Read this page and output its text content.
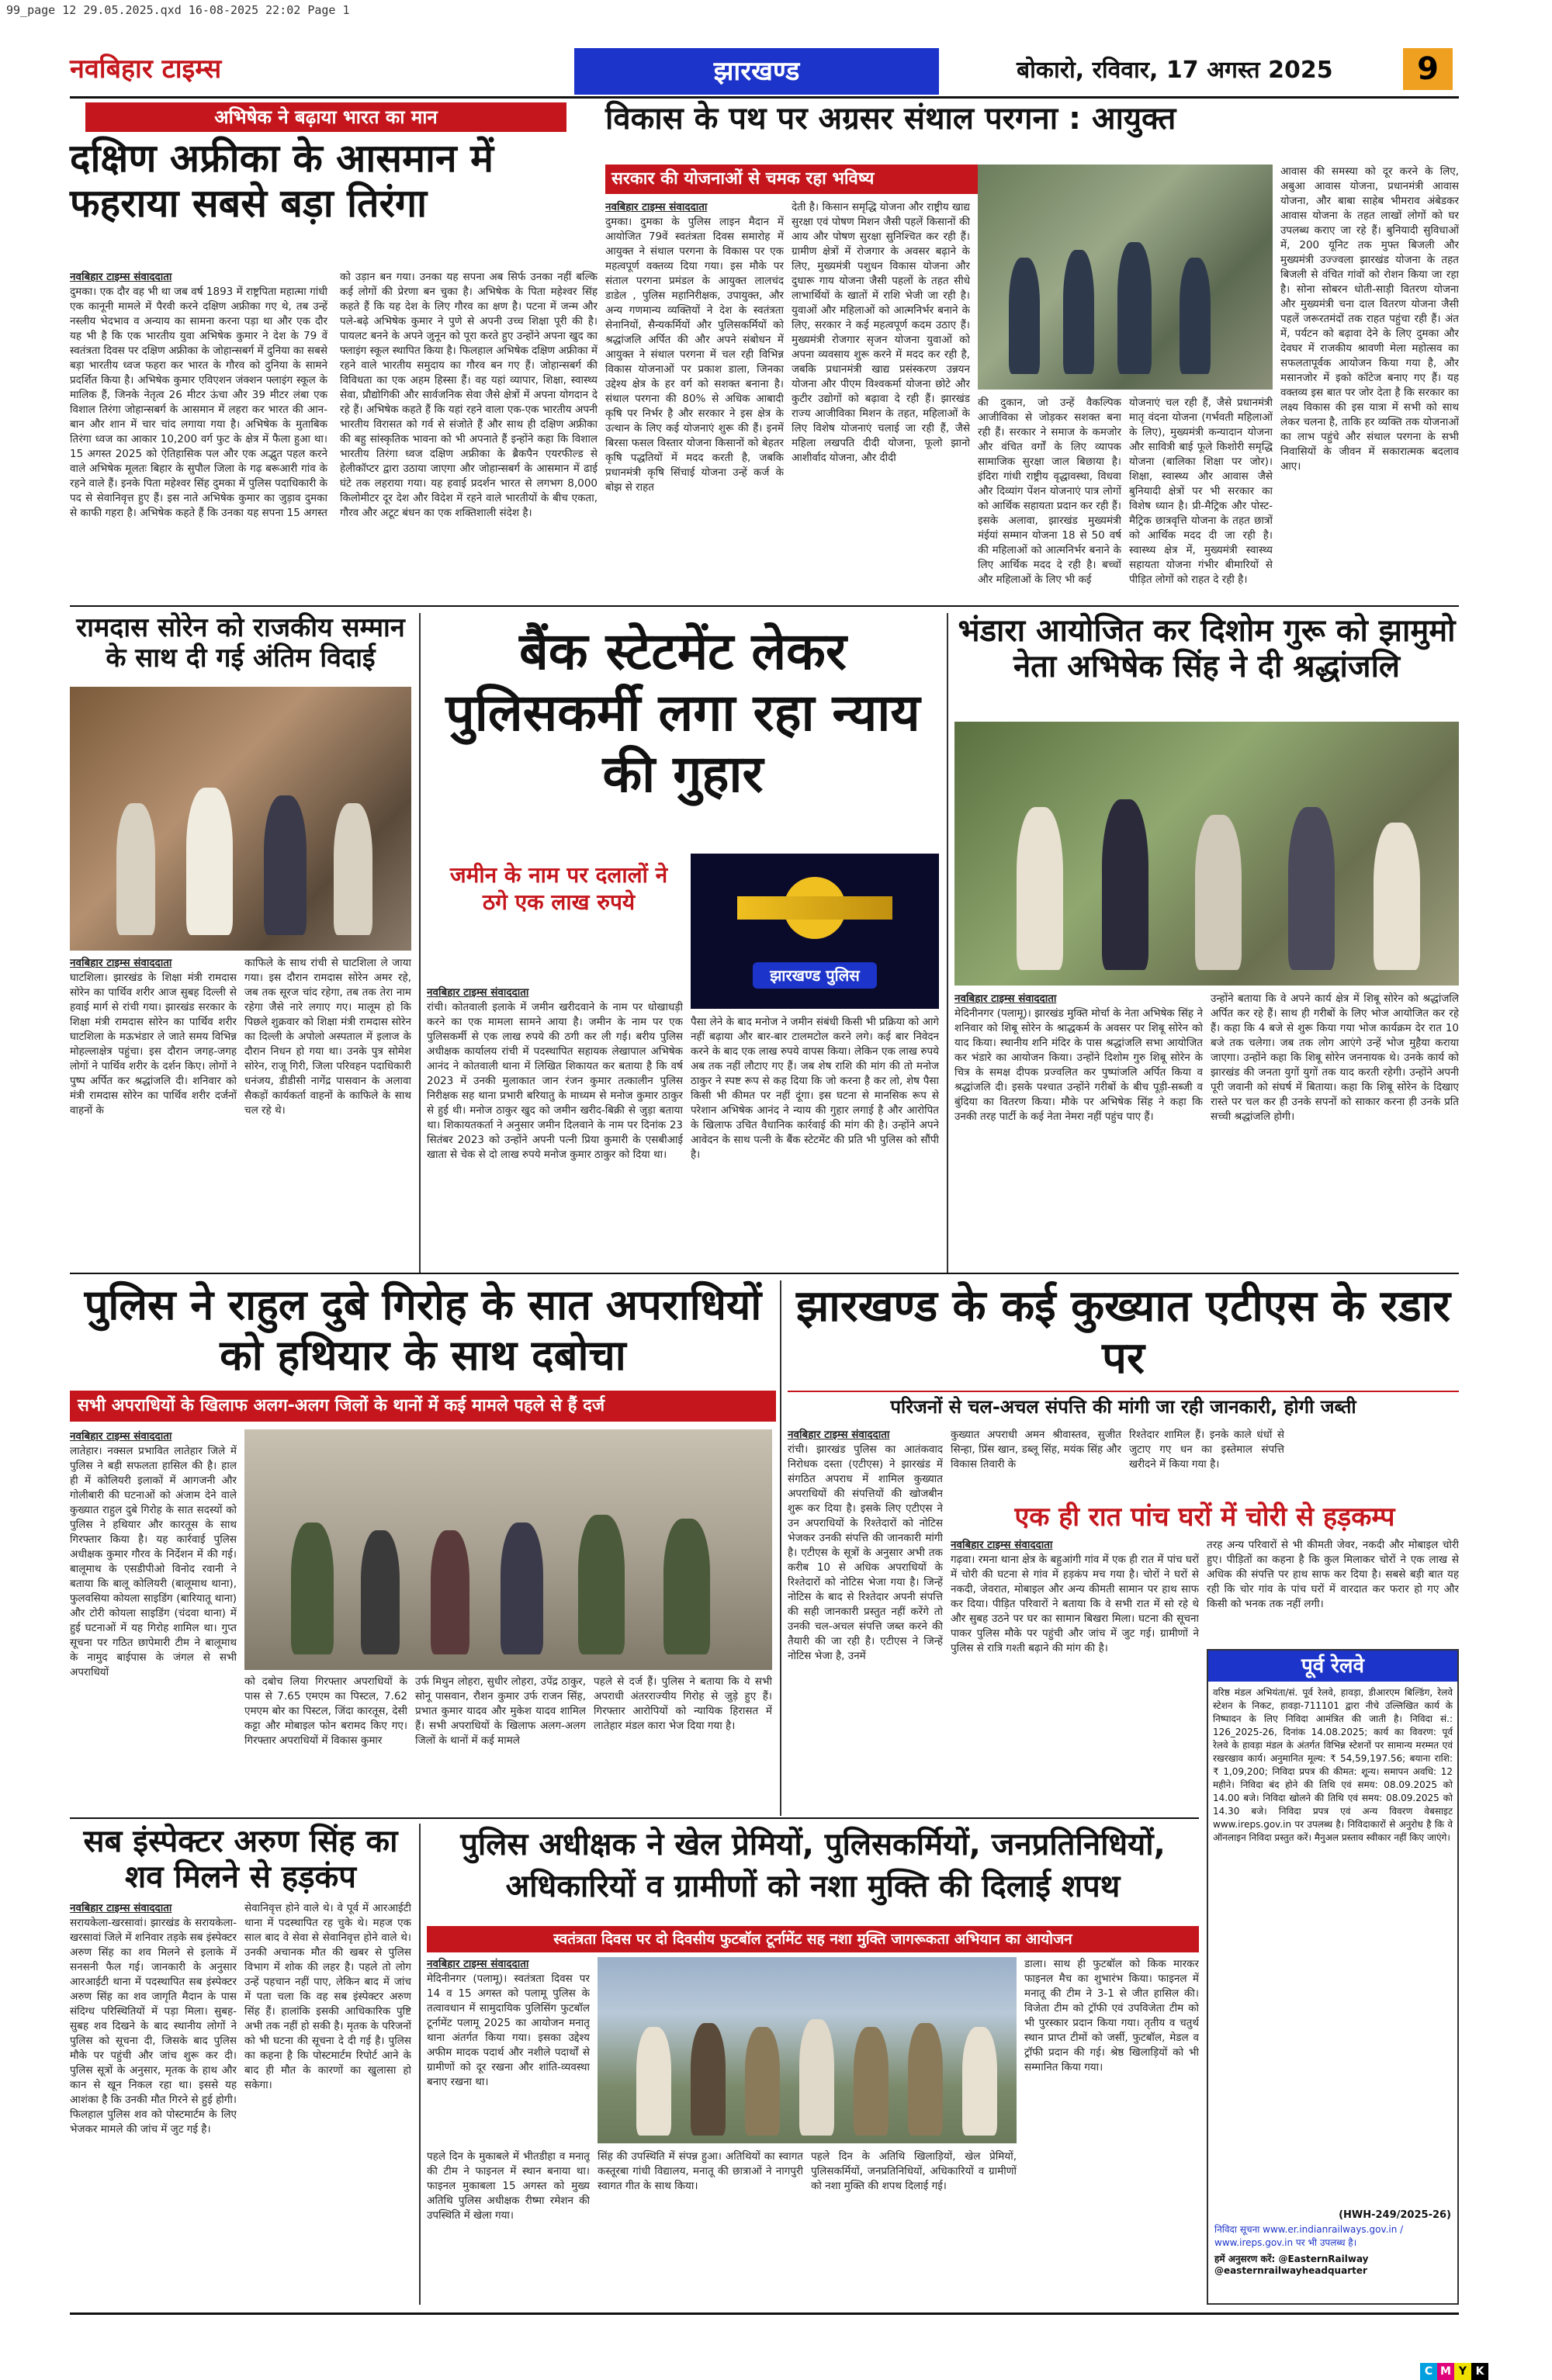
99_page 12 29.05.2025.qxd 16-08-2025 22:02 Page 1
नवबिहार टाइम्स	झारखण्ड	बोकारो, रविवार, 17 अगस्त 2025	9
अभिषेक ने बढ़ाया भारत का मान
दक्षिण अफ्रीका के आसमान में फहराया सबसे बड़ा तिरंगा
नवबिहार टाइम्स संवाददाता
दुमका। एक दौर वह भी था जब वर्ष 1893 में राष्ट्रपिता महात्मा गांधी एक कानूनी मामले में पैरवी करने दक्षिण अफ्रीका गए थे, तब उन्हें नस्लीय भेदभाव व अन्याय का सामना करना पड़ा था और एक दौर यह भी है कि एक भारतीय युवा अभिषेक कुमार ने देश के 79 वें स्वतंत्रता दिवस पर दक्षिण अफ्रीका के जोहान्सबर्ग में दुनिया का सबसे बड़ा भारतीय ध्वज फहरा कर भारत के गौरव को दुनिया के सामने प्रदर्शित किया है। अभिषेक कुमार एविएशन जंक्शन फ्लाइंग स्कूल के मालिक हैं, जिनके नेतृत्व 26 मीटर ऊंचा और 39 मीटर लंबा एक विशाल तिरंगा जोहान्सबर्ग के आसमान में लहरा कर भारत की आन-बान और शान में चार चांद लगाया गया है। अभिषेक के मुताबिक तिरंगा ध्वज का आकार 10,200 वर्ग फुट के क्षेत्र में फैला हुआ था। 15 अगस्त 2025 को ऐतिहासिक पल और एक अद्भुत पहल करने वाले अभिषेक मूलतः बिहार के सुपौल जिला के गढ़ बरूआरी गांव के रहने वाले हैं। इनके पिता महेश्वर सिंह दुमका में पुलिस पदाधिकारी के पद से सेवानिवृत्त हुए हैं। इस नाते अभिषेक कुमार का जुड़ाव दुमका से काफी गहरा है। अभिषेक कहते हैं कि उनका यह सपना 15 अगस्त को उड़ान बन गया। उनका यह सपना अब सिर्फ उनका नहीं बल्कि कई लोगों की प्रेरणा बन चुका है। अभिषेक के पिता महेश्वर सिंह कहते हैं कि यह देश के लिए गौरव का क्षण है। पटना में जन्म और पले-बढ़े अभिषेक कुमार ने पुणे से अपनी उच्च शिक्षा पूरी की है। पायलट बनने के अपने जुनून को पूरा करते हुए उन्होंने अपना खुद का फ्लाइंग स्कूल स्थापित किया है। फिलहाल अभिषेक दक्षिण अफ्रीका में रहने वाले भारतीय समुदाय का गौरव बन गए हैं। जोहान्सबर्ग की विविधता का एक अहम हिस्सा हैं। वह यहां व्यापार, शिक्षा, स्वास्थ्य सेवा, प्रौद्योगिकी और सार्वजनिक सेवा जैसे क्षेत्रों में अपना योगदान दे रहे हैं। अभिषेक कहते हैं कि यहां रहने वाला एक-एक भारतीय अपनी भारतीय विरासत को गर्व से संजोते हैं और साथ ही दक्षिण अफ्रीका की बहु सांस्कृतिक भावना को भी अपनाते हैं इन्होंने कहा कि विशाल भारतीय तिरंगा ध्वज दक्षिण अफ्रीका के ब्रैकपैन एयरफील्ड से हेलीकॉप्टर द्वारा उठाया जाएगा और जोहान्सबर्ग के आसमान में ढाई घंटे तक लहराया गया। यह हवाई प्रदर्शन भारत से लगभग 8,000 किलोमीटर दूर देश और विदेश में रहने वाले भारतीयों के बीच एकता, गौरव और अटूट बंधन का एक शक्तिशाली संदेश है।
विकास के पथ पर अग्रसर संथाल परगना : आयुक्त
सरकार की योजनाओं से चमक रहा भविष्य
नवबिहार टाइम्स संवाददाता
दुमका। दुमका के पुलिस लाइन मैदान में आयोजित 79वें स्वतंत्रता दिवस समारोह में आयुक्त ने संथाल परगना के विकास पर एक महत्वपूर्ण वक्तव्य दिया गया। इस मौके पर संताल परगना प्रमंडल के आयुक्त लालचंद डाडेल , पुलिस महानिरीक्षक, उपायुक्त, और अन्य गणमान्य व्यक्तियों ने देश के स्वतंत्रता सेनानियों, सैन्यकर्मियों और पुलिसकर्मियों को श्रद्धांजलि अर्पित की और अपने संबोधन में आयुक्त ने संथाल परगना में चल रही विभिन्न विकास योजनाओं पर प्रकाश डाला, जिनका उद्देश्य क्षेत्र के हर वर्ग को सशक्त बनाना है। संथाल परगना की 80% से अधिक आबादी कृषि पर निर्भर है और सरकार ने इस क्षेत्र के उत्थान के लिए कई योजनाएं शुरू की हैं। इनमें बिरसा फसल विस्तार योजना किसानों को बेहतर कृषि पद्धतियों में मदद करती है, जबकि प्रधानमंत्री कृषि सिंचाई योजना उन्हें कर्ज के बोझ से राहत
देती है। किसान समृद्धि योजना और राष्ट्रीय खाद्य सुरक्षा एवं पोषण मिशन जैसी पहलें किसानों की आय और पोषण सुरक्षा सुनिश्चित कर रही हैं। ग्रामीण क्षेत्रों में रोजगार के अवसर बढ़ाने के लिए, मुख्यमंत्री पशुधन विकास योजना और दुधारू गाय योजना जैसी पहलों के तहत सीधे लाभार्थियों के खातों में राशि भेजी जा रही है। युवाओं और महिलाओं को आत्मनिर्भर बनाने के लिए, सरकार ने कई महत्वपूर्ण कदम उठाए हैं। मुख्यमंत्री रोजगार सृजन योजना युवाओं को अपना व्यवसाय शुरू करने में मदद कर रही है, जबकि प्रधानमंत्री खाद्य प्रसंस्करण उन्नयन योजना और पीएम विश्वकर्मा योजना छोटे और कुटीर उद्योगों को बढ़ावा दे रही हैं। झारखंड राज्य आजीविका मिशन के तहत, महिलाओं के लिए विशेष योजनाएं चलाई जा रही हैं, जैसे महिला लखपति दीदी योजना, फूलो झानो आशीर्वाद योजना, और दीदी
की दुकान, जो उन्हें वैकल्पिक आजीविका से जोड़कर सशक्त बना रही हैं। सरकार ने समाज के कमजोर और वंचित वर्गों के लिए व्यापक सामाजिक सुरक्षा जाल बिछाया है। इंदिरा गांधी राष्ट्रीय वृद्धावस्था, विधवा और दिव्यांग पेंशन योजनाएं पात्र लोगों को आर्थिक सहायता प्रदान कर रही हैं। इसके अलावा, झारखंड मुख्यमंत्री मंईयां सम्मान योजना 18 से 50 वर्ष की महिलाओं को आत्मनिर्भर बनाने के लिए आर्थिक मदद दे रही है। बच्चों और महिलाओं के लिए भी कई
योजनाएं चल रही हैं, जैसे प्रधानमंत्री मातृ वंदना योजना (गर्भवती महिलाओं के लिए), मुख्यमंत्री कन्यादान योजना और सावित्री बाई फूले किशोरी समृद्धि योजना (बालिका शिक्षा पर जोर)। शिक्षा, स्वास्थ्य और आवास जैसे बुनियादी क्षेत्रों पर भी सरकार का विशेष ध्यान है। प्री-मैट्रिक और पोस्ट-मैट्रिक छात्रवृत्ति योजना के तहत छात्रों को आर्थिक मदद दी जा रही है। स्वास्थ्य क्षेत्र में, मुख्यमंत्री स्वास्थ्य सहायता योजना गंभीर बीमारियों से पीड़ित लोगों को राहत दे रही है।
आवास की समस्या को दूर करने के लिए, अबुआ आवास योजना, प्रधानमंत्री आवास योजना, और बाबा साहेब भीमराव अंबेडकर आवास योजना के तहत लाखों लोगों को घर उपलब्ध कराए जा रहे हैं। बुनियादी सुविधाओं में, 200 यूनिट तक मुफ्त बिजली और मुख्यमंत्री उज्ज्वला झारखंड योजना के तहत बिजली से वंचित गांवों को रोशन किया जा रहा है। सोना सोबरन धोती-साड़ी वितरण योजना और मुख्यमंत्री चना दाल वितरण योजना जैसी पहलें जरूरतमंदों तक राहत पहुंचा रही हैं। अंत में, पर्यटन को बढ़ावा देने के लिए दुमका और देवघर में राजकीय श्रावणी मेला महोत्सव का सफलतापूर्वक आयोजन किया गया है, और मसानजोर में इको कॉटेज बनाए गए हैं। यह वक्तव्य इस बात पर जोर देता है कि सरकार का लक्ष्य विकास की इस यात्रा में सभी को साथ लेकर चलना है, ताकि हर व्यक्ति तक योजनाओं का लाभ पहुंचे और संथाल परगना के सभी निवासियों के जीवन में सकारात्मक बदलाव आए।
रामदास सोरेन को राजकीय सम्मान के साथ दी गई अंतिम विदाई
नवबिहार टाइम्स संवाददाता
घाटशिला। झारखंड के शिक्षा मंत्री रामदास सोरेन का पार्थिव शरीर आज सुबह दिल्ली से हवाई मार्ग से रांची गया। झारखंड सरकार के शिक्षा मंत्री रामदास सोरेन का पार्थिव शरीर घाटशिला के मऊभंडार ले जाते समय विभिन्न मोहल्लाक्षेत्र पहुंचा। इस दौरान जगह-जगह लोगों ने पार्थिव शरीर के दर्शन किए। लोगों ने पुष्प अर्पित कर श्रद्धांजलि दी। शनिवार को मंत्री रामदास सोरेन का पार्थिव शरीर दर्जनों वाहनों के
काफिले के साथ रांची से घाटशिला ले जाया गया। इस दौरान रामदास सोरेन अमर रहे, जब तक सूरज चांद रहेगा, तब तक तेरा नाम रहेगा जैसे नारे लगाए गए। मालूम हो कि पिछले शुक्रवार को शिक्षा मंत्री रामदास सोरेन का दिल्ली के अपोलो अस्पताल में इलाज के दौरान निधन हो गया था। उनके पुत्र सोमेश सोरेन, राजू गिरी, जिला परिवहन पदाधिकारी धनंजय, डीडीसी नागेंद्र पासवान के अलावा सैकड़ों कार्यकर्ता वाहनों के काफिले के साथ चल रहे थे।
बैंक स्टेटमेंट लेकर पुलिसकर्मी लगा रहा न्याय की गुहार
जमीन के नाम पर दलालों ने ठगे एक लाख रुपये
झारखण्ड पुलिस
नवबिहार टाइम्स संवाददाता
रांची। कोतवाली इलाके में जमीन खरीदवाने के नाम पर धोखाधड़ी करने का एक मामला सामने आया है। जमीन के नाम पर एक पुलिसकर्मी से एक लाख रुपये की ठगी कर ली गई। बरीय पुलिस अधीक्षक कार्यालय रांची में पदस्थापित सहायक लेखापाल अभिषेक आनंद ने कोतवाली थाना में लिखित शिकायत कर बताया है कि वर्ष 2023 में उनकी मुलाकात जान रंजन कुमार तत्कालीन पुलिस निरीक्षक सह थाना प्रभारी बरियातु के माध्यम से मनोज कुमार ठाकुर से हुई थी। मनोज ठाकुर खुद को जमीन खरीद-बिक्री से जुड़ा बताया था। शिकायतकर्ता ने अनुसार जमीन दिलवाने के नाम पर दिनांक 23 सितंबर 2023 को उन्होंने अपनी पत्नी प्रिया कुमारी के एसबीआई खाता से चेक से दो लाख रुपये मनोज कुमार ठाकुर को दिया था।
पैसा लेने के बाद मनोज ने जमीन संबंधी किसी भी प्रक्रिया को आगे नहीं बढ़ाया और बार-बार टालमटोल करने लगे। कई बार निवेदन करने के बाद एक लाख रुपये वापस किया। लेकिन एक लाख रुपये अब तक नहीं लौटाए गए हैं। जब शेष राशि की मांग की तो मनोज ठाकुर ने स्पष्ट रूप से कह दिया कि जो करना है कर लो, शेष पैसा किसी भी कीमत पर नहीं दूंगा। इस घटना से मानसिक रूप से परेशान अभिषेक आनंद ने न्याय की गुहार लगाई है और आरोपित के खिलाफ उचित वैधानिक कार्रवाई की मांग की है। उन्होंने अपने आवेदन के साथ पत्नी के बैंक स्टेटमेंट की प्रति भी पुलिस को सौंपी है।
भंडारा आयोजित कर दिशोम गुरू को झामुमो नेता अभिषेक सिंह ने दी श्रद्धांजलि
नवबिहार टाइम्स संवाददाता
मेदिनीनगर (पलामू)। झारखंड मुक्ति मोर्चा के नेता अभिषेक सिंह ने शनिवार को शिबू सोरेन के श्राद्धकर्म के अवसर पर शिबू सोरेन को याद किया। स्थानीय शनि मंदिर के पास श्रद्धांजलि सभा आयोजित कर भंडारे का आयोजन किया। उन्होंने दिशोम गुरु शिबू सोरेन के चित्र के समक्ष दीपक प्रज्वलित कर पुष्पांजलि अर्पित किया व श्रद्धांजलि दी। इसके पश्चात उन्होंने गरीबों के बीच पूड़ी-सब्जी व बुंदिया का वितरण किया। मौके पर अभिषेक सिंह ने कहा कि उनकी तरह पार्टी के कई नेता नेमरा नहीं पहुंच पाए हैं।
उन्होंने बताया कि वे अपने कार्य क्षेत्र में शिबू सोरेन को श्रद्धांजलि अर्पित कर रहे हैं। साथ ही गरीबों के लिए भोज आयोजित कर रहे हैं। कहा कि 4 बजे से शुरू किया गया भोज कार्यक्रम देर रात 10 बजे तक चलेगा। जब तक लोग आएंगे उन्हें भोज मुहैया कराया जाएगा। उन्होंने कहा कि शिबू सोरेन जननायक थे। उनके कार्य को झारखंड की जनता युगों युगों तक याद करती रहेगी। उन्होंने अपनी पूरी जवानी को संघर्ष में बिताया। कहा कि शिबू सोरेन के दिखाए रास्ते पर चल कर ही उनके सपनों को साकार करना ही उनके प्रति सच्ची श्रद्धांजलि होगी।
पुलिस ने राहुल दुबे गिरोह के सात अपराधियों को हथियार के साथ दबोचा
सभी अपराधियों के खिलाफ अलग-अलग जिलों के थानों में कई मामले पहले से हैं दर्ज
नवबिहार टाइम्स संवाददाता
लातेहार। नक्सल प्रभावित लातेहार जिले में पुलिस ने बड़ी सफलता हासिल की है। हाल ही में कोलियरी इलाकों में आगजनी और गोलीबारी की घटनाओं को अंजाम देने वाले कुख्यात राहुल दुबे गिरोह के सात सदस्यों को पुलिस ने हथियार और कारतूस के साथ गिरफ्तार किया है। यह कार्रवाई पुलिस अधीक्षक कुमार गौरव के निर्देशन में की गई। बालूमाथ के एसडीपीओ विनोद रवानी ने बताया कि बालू कोलियरी (बालूमाथ थाना), फुलवसिया कोयला साइडिंग (बारियातू थाना) और टोरी कोयला साइडिंग (चंदवा थाना) में हुई घटनाओं में यह गिरोह शामिल था। गुप्त सूचना पर गठित छापेमारी टीम ने बालूमाथ के नामुद बाईपास के जंगल से सभी अपराधियों
को दबोच लिया गिरफ्तार अपराधियों के पास से 7.65 एमएम का पिस्टल, 7.62 एमएम बोर का पिस्टल, जिंदा कारतूस, देसी कट्टा और मोबाइल फोन बरामद किए गए। गिरफ्तार अपराधियों में विकास कुमार
उर्फ मिथुन लोहरा, सुधीर लोहरा, उपेंद्र ठाकुर, सोनू पासवान, रौशन कुमार उर्फ राजन सिंह, प्रभात कुमार यादव और मुकेश यादव शामिल हैं। सभी अपराधियों के खिलाफ अलग-अलग जिलों के थानों में कई मामले
पहले से दर्ज हैं। पुलिस ने बताया कि ये सभी अपराधी अंतरराज्यीय गिरोह से जुड़े हुए हैं। गिरफ्तार आरोपियों को न्यायिक हिरासत में लातेहार मंडल कारा भेज दिया गया है।
झारखण्ड के कई कुख्यात एटीएस के रडार पर
परिजनों से चल-अचल संपत्ति की मांगी जा रही जानकारी, होगी जब्ती
नवबिहार टाइम्स संवाददाता
रांची। झारखंड पुलिस का आतंकवाद निरोधक दस्ता (एटीएस) ने झारखंड में संगठित अपराध में शामिल कुख्यात अपराधियों की संपत्तियों की खोजबीन शुरू कर दिया है। इसके लिए एटीएस ने उन अपराधियों के रिश्तेदारों को नोटिस भेजकर उनकी संपत्ति की जानकारी मांगी है। एटीएस के सूत्रों के अनुसार अभी तक करीब 10 से अधिक अपराधियों के रिश्तेदारों को नोटिस भेजा गया है। जिन्हें नोटिस के बाद से रिश्तेदार अपनी संपत्ति की सही जानकारी प्रस्तुत नहीं करेंगे तो उनकी चल-अचल संपत्ति जब्त करने की तैयारी की जा रही है। एटीएस ने जिन्हें नोटिस भेजा है, उनमें
कुख्यात अपराधी अमन श्रीवास्तव, सुजीत सिन्हा, प्रिंस खान, डब्लू सिंह, मयंक सिंह और विकास तिवारी के
रिश्तेदार शामिल हैं। इनके काले धंधों से जुटाए गए धन का इस्तेमाल संपत्ति खरीदने में किया गया है।
एक ही रात पांच घरों में चोरी से हड़कम्प
नवबिहार टाइम्स संवाददाता
गढ़वा। रमना थाना क्षेत्र के बहुआंगी गांव में एक ही रात में पांच घरों में चोरी की घटना से गांव में हड़कंप मच गया है। चोरों ने घरों से नकदी, जेवरात, मोबाइल और अन्य कीमती सामान पर हाथ साफ कर दिया। पीड़ित परिवारों ने बताया कि वे सभी रात में सो रहे थे और सुबह उठने पर घर का सामान बिखरा मिला। घटना की सूचना पाकर पुलिस मौके पर पहुंची और जांच में जुट गई। ग्रामीणों ने पुलिस से रात्रि गश्ती बढ़ाने की मांग की है।
तरह अन्य परिवारों से भी कीमती जेवर, नकदी और मोबाइल चोरी हुए। पीड़ितों का कहना है कि कुल मिलाकर चोरों ने एक लाख से अधिक की संपत्ति पर हाथ साफ कर दिया है। सबसे बड़ी बात यह रही कि चोर गांव के पांच घरों में वारदात कर फरार हो गए और किसी को भनक तक नहीं लगी।
पूर्व रेलवे
वरिष्ठ मंडल अभियंता/सं. पूर्व रेलवे, हावड़ा, डीआरएम बिल्डिंग, रेलवे स्टेशन के निकट, हावड़ा-711101 द्वारा नीचे उल्लिखित कार्य के निष्पादन के लिए निविदा आमंत्रित की जाती है। निविदा सं.: 126_2025-26, दिनांक 14.08.2025; कार्य का विवरण: पूर्व रेलवे के हावड़ा मंडल के अंतर्गत विभिन्न स्टेशनों पर सामान्य मरम्मत एवं रखरखाव कार्य। अनुमानित मूल्य: ₹ 54,59,197.56; बयाना राशि: ₹ 1,09,200; निविदा प्रपत्र की कीमत: शून्य। समापन अवधि: 12 महीने। निविदा बंद होने की तिथि एवं समय: 08.09.2025 को 14.00 बजे। निविदा खोलने की तिथि एवं समय: 08.09.2025 को 14.30 बजे। निविदा प्रपत्र एवं अन्य विवरण वेबसाइट www.ireps.gov.in पर उपलब्ध है। निविदाकारों से अनुरोध है कि वे ऑनलाइन निविदा प्रस्तुत करें। मैनुअल प्रस्ताव स्वीकार नहीं किए जाएंगे।
(HWH-249/2025-26)
निविदा सूचना www.er.indianrailways.gov.in / www.ireps.gov.in पर भी उपलब्ध है।
हमें अनुसरण करें: @EasternRailway @easternrailwayheadquarter
सब इंस्पेक्टर अरुण सिंह का शव मिलने से हड़कंप
नवबिहार टाइम्स संवाददाता
सरायकेला-खरसावां। झारखंड के सरायकेला-खरसावां जिले में शनिवार तड़के सब इंस्पेक्टर अरुण सिंह का शव मिलने से इलाके में सनसनी फैल गई। जानकारी के अनुसार आरआईटी थाना में पदस्थापित सब इंस्पेक्टर अरुण सिंह का शव जागृति मैदान के पास संदिग्ध परिस्थितियों में पड़ा मिला। सुबह-सुबह शव दिखने के बाद स्थानीय लोगों ने पुलिस को सूचना दी, जिसके बाद पुलिस मौके पर पहुंची और जांच शुरू कर दी। पुलिस सूत्रों के अनुसार, मृतक के हाथ और कान से खून निकल रहा था। इससे यह आशंका है कि उनकी मौत गिरने से हुई होगी। फिलहाल पुलिस शव को पोस्टमार्टम के लिए भेजकर मामले की जांच में जुट गई है।
सेवानिवृत्त होने वाले थे। वे पूर्व में आरआईटी थाना में पदस्थापित रह चुके थे। महज एक साल बाद वे सेवा से सेवानिवृत्त होने वाले थे। उनकी अचानक मौत की खबर से पुलिस विभाग में शोक की लहर है। पहले तो लोग उन्हें पहचान नहीं पाए, लेकिन बाद में जांच में पता चला कि वह सब इंस्पेक्टर अरुण सिंह हैं। हालांकि इसकी आधिकारिक पुष्टि अभी तक नहीं हो सकी है। मृतक के परिजनों को भी घटना की सूचना दे दी गई है। पुलिस का कहना है कि पोस्टमार्टम रिपोर्ट आने के बाद ही मौत के कारणों का खुलासा हो सकेगा।
पुलिस अधीक्षक ने खेल प्रेमियों, पुलिसकर्मियों, जनप्रतिनिधियों, अधिकारियों व ग्रामीणों को नशा मुक्ति की दिलाई शपथ
स्वतंत्रता दिवस पर दो दिवसीय फुटबॉल टूर्नामेंट सह नशा मुक्ति जागरूकता अभियान का आयोजन
नवबिहार टाइम्स संवाददाता
मेदिनीनगर (पलामू)। स्वतंत्रता दिवस पर 14 व 15 अगस्त को पलामू पुलिस के तत्वावधान में सामुदायिक पुलिसिंग फुटबॉल टूर्नामेंट पलामू 2025 का आयोजन मनातू थाना अंतर्गत किया गया। इसका उद्देश्य अफीम मादक पदार्थ और नशीले पदार्थों से ग्रामीणों को दूर रखना और शांति-व्यवस्था बनाए रखना था।
डाला। साथ ही फुटबॉल को किक मारकर फाइनल मैच का शुभारंभ किया। फाइनल में मनातू की टीम ने 3-1 से जीत हासिल की। विजेता टीम को ट्रॉफी एवं उपविजेता टीम को भी पुरस्कार प्रदान किया गया। तृतीय व चतुर्थ स्थान प्राप्त टीमों को जर्सी, फुटबॉल, मेडल व ट्रॉफी प्रदान की गई। श्रेष्ठ खिलाड़ियों को भी सम्मानित किया गया।
पहले दिन के मुकाबले में भीतडीहा व मनातू की टीम ने फाइनल में स्थान बनाया था। फाइनल मुकाबला 15 अगस्त को मुख्य अतिथि पुलिस अधीक्षक रीष्मा रमेशन की उपस्थिति में खेला गया।
सिंह की उपस्थिति में संपन्न हुआ। अतिथियों का स्वागत कस्तूरबा गांधी विद्यालय, मनातू की छात्राओं ने नागपुरी स्वागत गीत के साथ किया।
पहले दिन के अतिथि खिलाड़ियों, खेल प्रेमियों, पुलिसकर्मियों, जनप्रतिनिधियों, अधिकारियों व ग्रामीणों को नशा मुक्ति की शपथ दिलाई गई।
C M Y K
